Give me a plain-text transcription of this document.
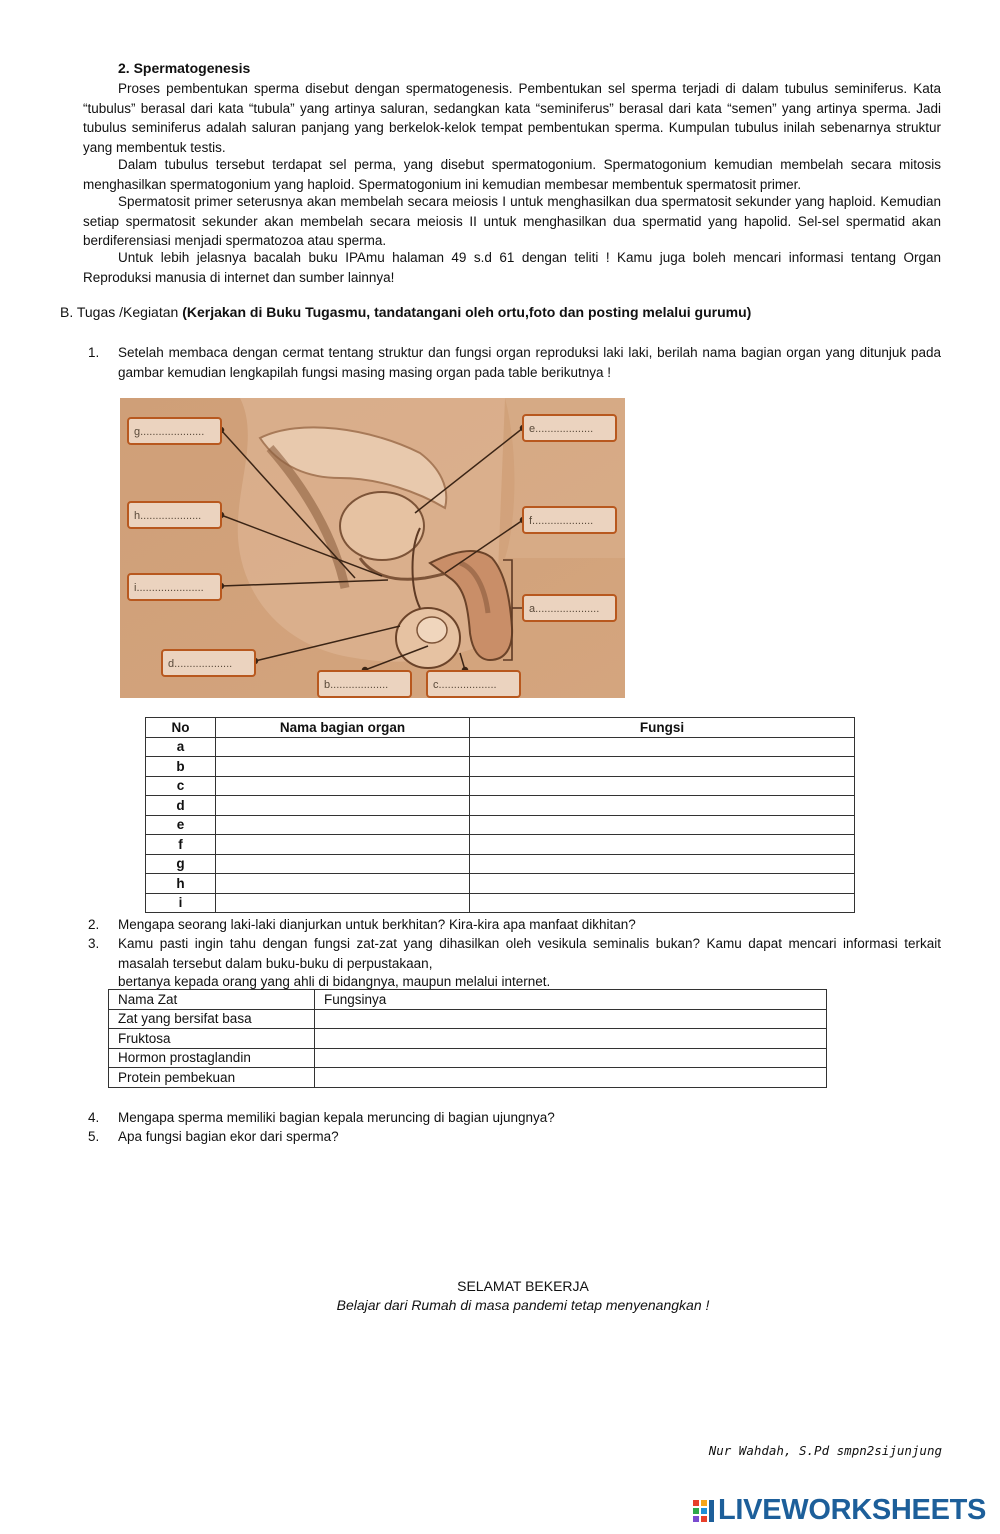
2. Spermatogenesis

Proses pembentukan sperma disebut dengan spermatogenesis. Pembentukan sel sperma terjadi di dalam tubulus seminiferus. Kata “tubulus” berasal dari kata “tubula” yang artinya saluran, sedangkan kata “seminiferus” berasal dari kata “semen” yang artinya sperma. Jadi tubulus seminiferus adalah saluran panjang yang berkelok-kelok tempat pembentukan sperma. Kumpulan tubulus inilah sebenarnya struktur yang membentuk testis.

Dalam tubulus tersebut terdapat sel perma, yang disebut spermatogonium. Spermatogonium kemudian membelah secara mitosis menghasilkan spermatogonium yang haploid. Spermatogonium ini kemudian membesar membentuk spermatosit primer.

Spermatosit primer seterusnya akan membelah secara meiosis I untuk menghasilkan dua spermatosit sekunder yang haploid. Kemudian setiap spermatosit sekunder akan membelah secara meiosis II untuk menghasilkan dua spermatid yang hapolid. Sel-sel spermatid akan berdiferensiasi menjadi spermatozoa atau sperma.

Untuk lebih jelasnya bacalah buku IPAmu halaman 49 s.d 61 dengan teliti ! Kamu juga boleh mencari informasi tentang Organ Reproduksi manusia di internet dan sumber lainnya!

B. Tugas /Kegiatan (Kerjakan di Buku Tugasmu, tandatangani oleh ortu,foto dan posting melalui gurumu)
1. Setelah membaca dengan cermat tentang struktur dan fungsi organ reproduksi laki laki, berilah nama bagian organ yang ditunjuk pada gambar kemudian lengkapilah fungsi masing masing organ pada table berikutnya !
g.....................
h....................
i......................
d...................
b...................	c...................
e...................
f....................
a.....................
No	Nama bagian organ	Fungsi
a		
b		
c		
d		
e		
f		
g		
h		
i		
2. Mengapa seorang laki-laki dianjurkan untuk berkhitan? Kira-kira apa manfaat dikhitan?
3. Kamu pasti ingin tahu dengan fungsi zat-zat yang dihasilkan oleh vesikula seminalis bukan? Kamu dapat mencari informasi terkait masalah tersebut dalam buku-buku di perpustakaan,
bertanya kepada orang yang ahli di bidangnya, maupun melalui internet.
Nama Zat	Fungsinya
Zat yang bersifat basa	
Fruktosa	
Hormon prostaglandin	
Protein pembekuan	
4. Mengapa sperma memiliki bagian kepala meruncing di bagian ujungnya?
5. Apa fungsi bagian ekor dari sperma?
SELAMAT BEKERJA
Belajar dari Rumah di masa pandemi tetap menyenangkan !
Nur Wahdah, S.Pd smpn2sijunjung
LIVEWORKSHEETS
